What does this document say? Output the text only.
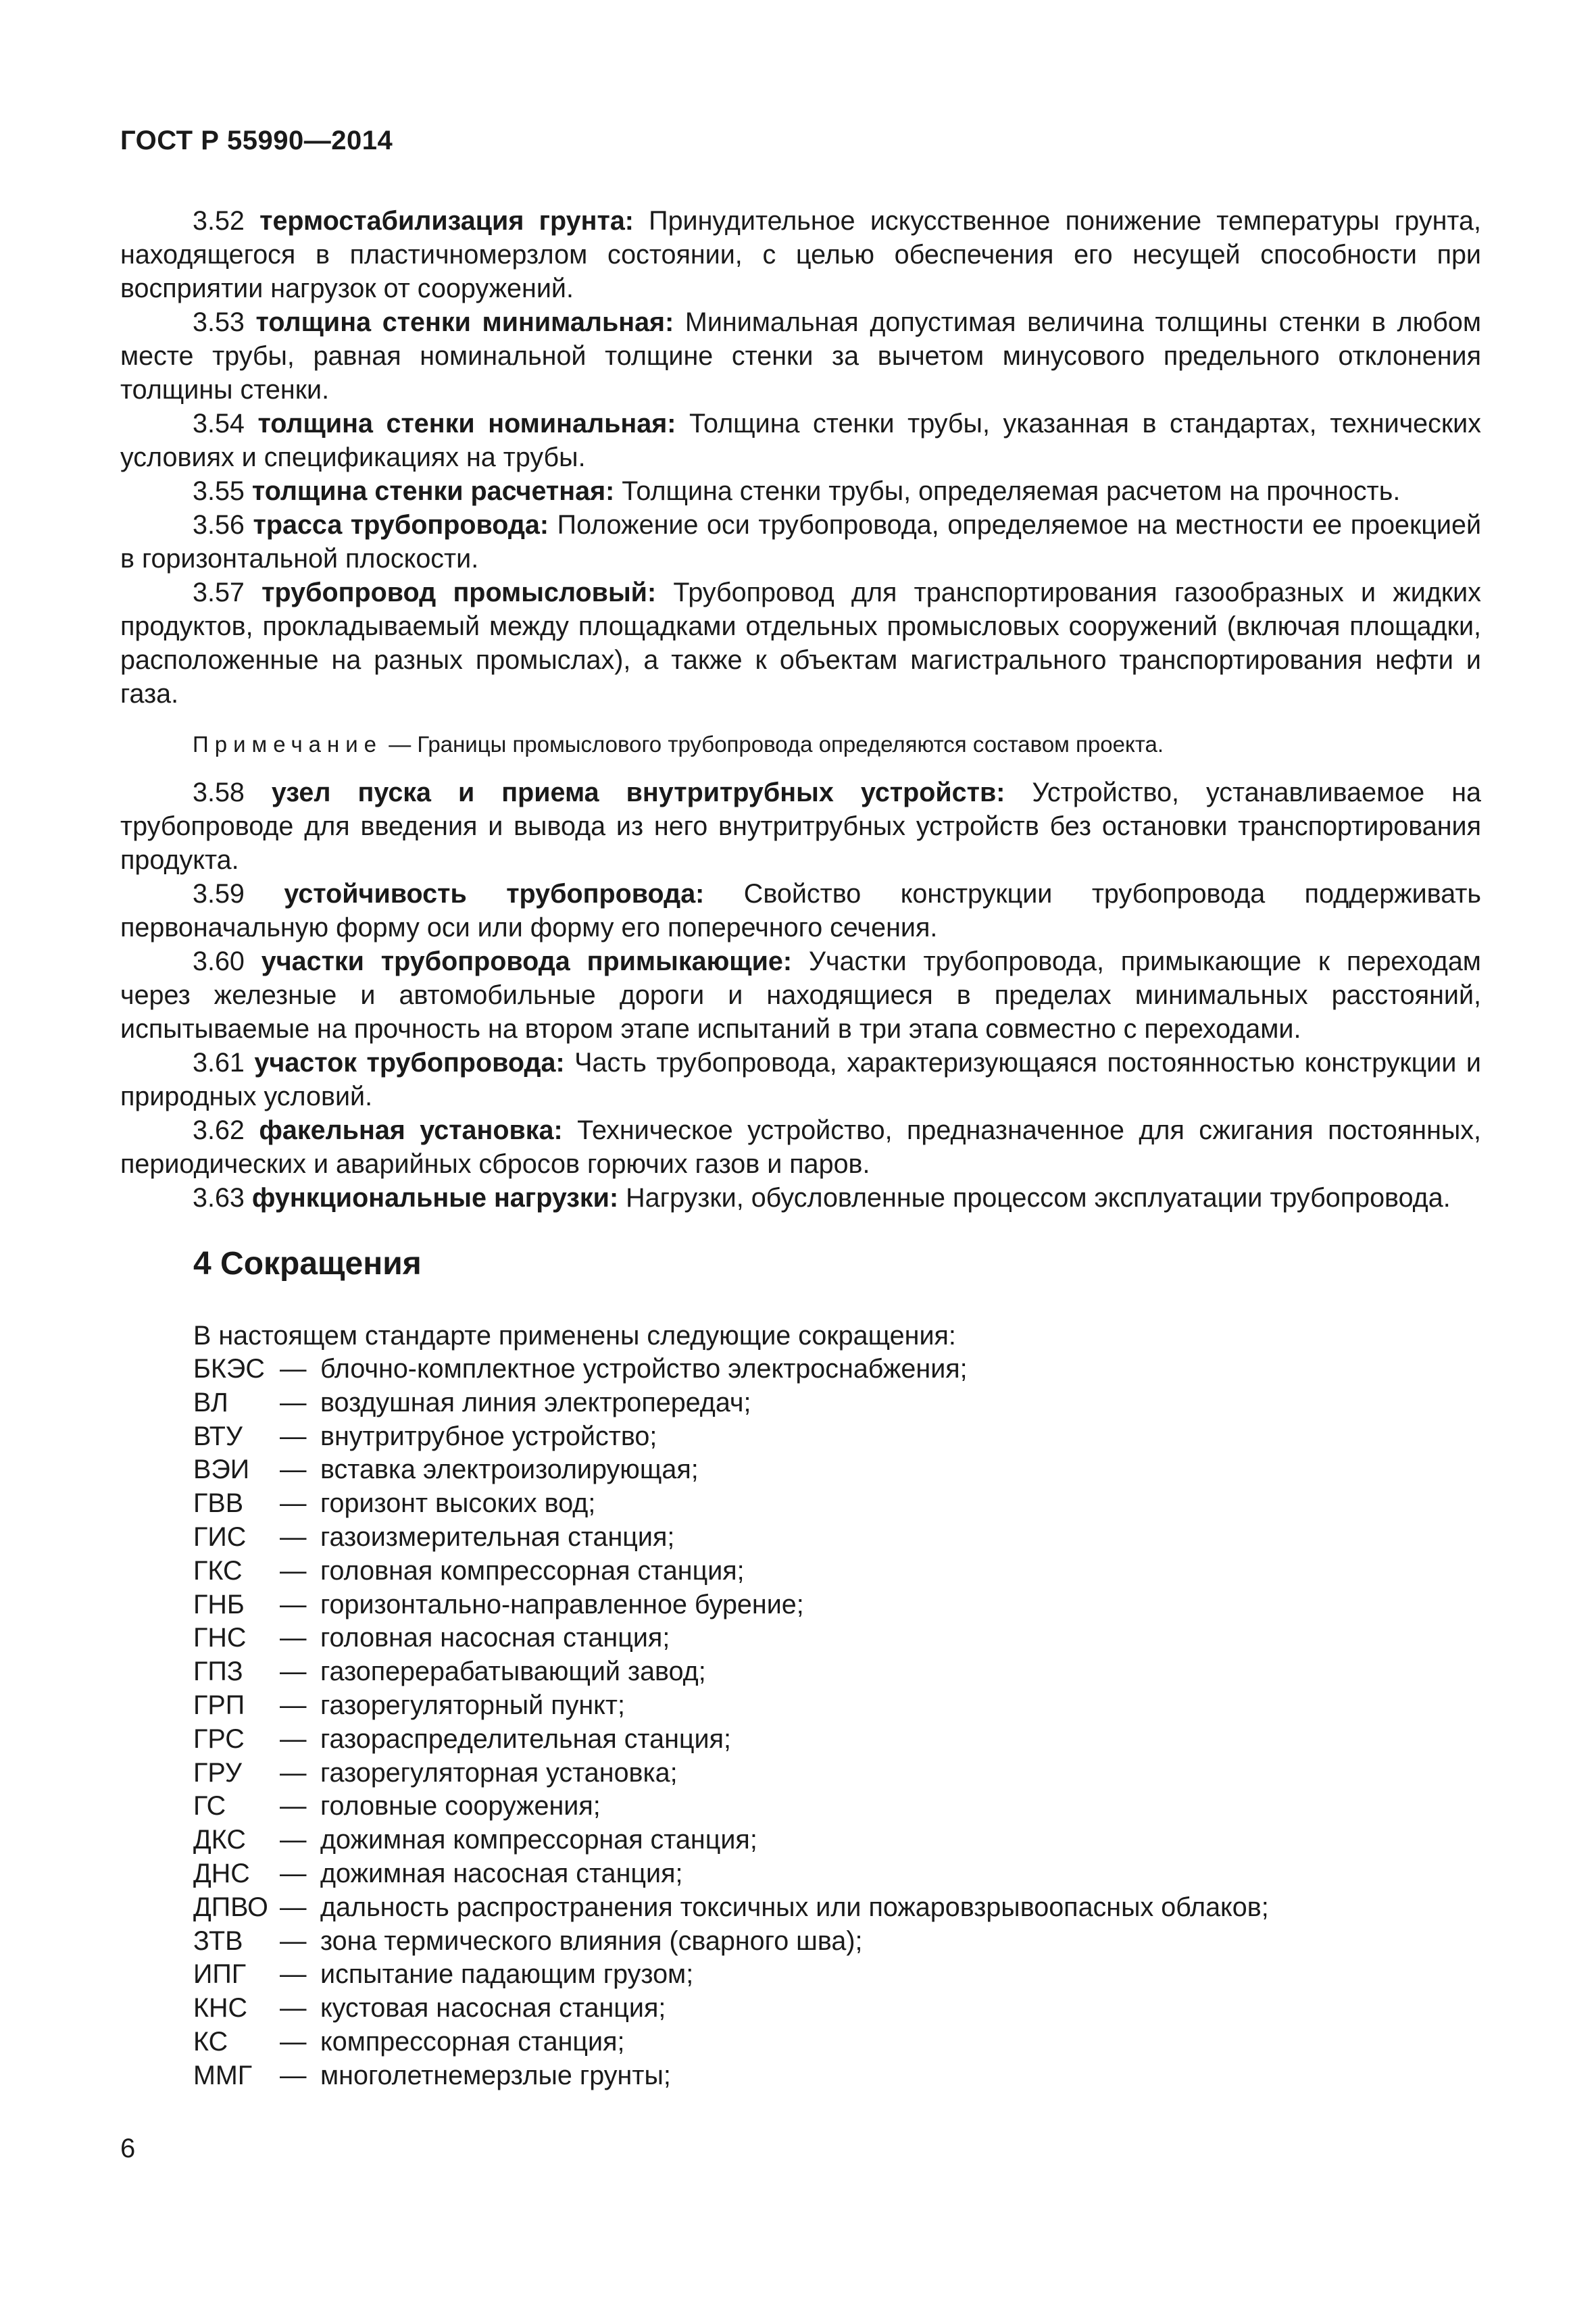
ГОСТ Р 55990—2014

3.52 термостабилизация грунта: Принудительное искусственное понижение температуры грунта, находящегося в пластичномерзлом состоянии, с целью обеспечения его несущей способности при восприятии нагрузок от сооружений.

3.53 толщина стенки минимальная: Минимальная допустимая величина толщины стенки в любом месте трубы, равная номинальной толщине стенки за вычетом минусового предельного отклонения толщины стенки.

3.54 толщина стенки номинальная: Толщина стенки трубы, указанная в стандартах, технических условиях и спецификациях на трубы.

3.55 толщина стенки расчетная: Толщина стенки трубы, определяемая расчетом на прочность.

3.56 трасса трубопровода: Положение оси трубопровода, определяемое на местности ее проекцией в горизонтальной плоскости.

3.57 трубопровод промысловый: Трубопровод для транспортирования газообразных и жидких продуктов, прокладываемый между площадками отдельных промысловых сооружений (включая площадки, расположенные на разных промыслах), а также к объектам магистрального транспортирования нефти и газа.

Примечание — Границы промыслового трубопровода определяются составом проекта.

3.58 узел пуска и приема внутритрубных устройств: Устройство, устанавливаемое на трубопроводе для введения и вывода из него внутритрубных устройств без остановки транспортирования продукта.

3.59 устойчивость трубопровода: Свойство конструкции трубопровода поддерживать первоначальную форму оси или форму его поперечного сечения.

3.60 участки трубопровода примыкающие: Участки трубопровода, примыкающие к переходам через железные и автомобильные дороги и находящиеся в пределах минимальных расстояний, испытываемые на прочность на втором этапе испытаний в три этапа совместно с переходами.

3.61 участок трубопровода: Часть трубопровода, характеризующаяся постоянностью конструкции и природных условий.

3.62 факельная установка: Техническое устройство, предназначенное для сжигания постоянных, периодических и аварийных сбросов горючих газов и паров.

3.63 функциональные нагрузки: Нагрузки, обусловленные процессом эксплуатации трубопровода.

4 Сокращения
В настоящем стандарте применены следующие сокращения:
БКЭС — блочно-комплектное устройство электроснабжения;
ВЛ	— воздушная линия электропередач;
ВТУ	— внутритрубное устройство;
ВЭИ	— вставка электроизолирующая;
ГВВ	— горизонт высоких вод;
ГИС	— газоизмерительная станция;
ГКС	— головная компрессорная станция;
ГНБ	— горизонтально-направленное бурение;
ГНС	— головная насосная станция;
ГПЗ	— газоперерабатывающий завод;
ГРП	— газорегуляторный пункт;
ГРС	— газораспределительная станция;
ГРУ	— газорегуляторная установка;
ГС	— головные сооружения;
ДКС	— дожимная компрессорная станция;
ДНС	— дожимная насосная станция;
ДПВО — дальность распространения токсичных или пожаровзрывоопасных облаков;
ЗТВ	— зона термического влияния (сварного шва);
ИПГ	— испытание падающим грузом;
КНС	— кустовая насосная станция;
КС	— компрессорная станция;
ММГ	— многолетнемерзлые грунты;
6
